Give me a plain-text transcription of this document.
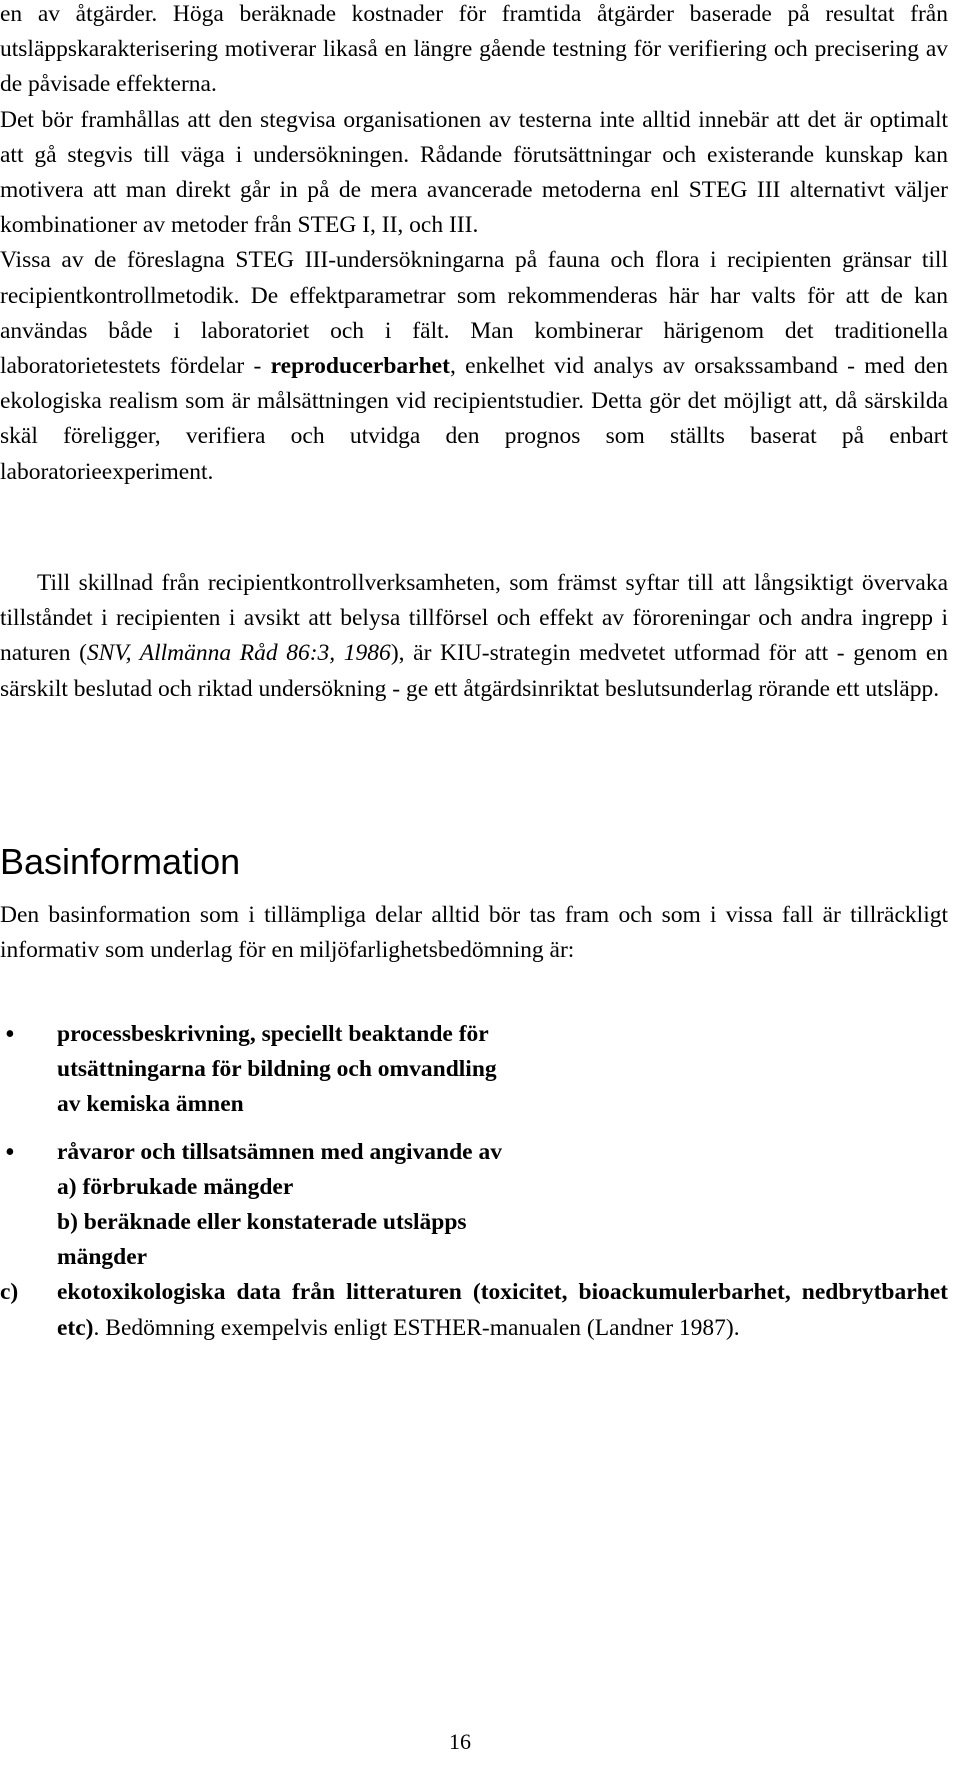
en av åtgärder. Höga beräknade kostnader för framtida åtgärder baserade på resultat från utsläppskarakterisering motiverar likaså en längre gående testning för verifiering och precisering av de påvisade effekterna.
Det bör framhållas att den stegvisa organisationen av testerna inte alltid innebär att det är optimalt att gå stegvis till väga i undersökningen. Rådande förutsättningar och existerande kunskap kan motivera att man direkt går in på de mera avancerade metoderna enl STEG III alternativt väljer kombinationer av metoder från STEG I, II, och III.
Vissa av de föreslagna STEG III-undersökningarna på fauna och flora i recipienten gränsar till recipientkontrollmetodik. De effektparametrar som rekommenderas här har valts för att de kan användas både i laboratoriet och i fält. Man kombinerar härigenom det traditionella laboratorietestets fördelar - reproducerbarhet, enkelhet vid analys av orsakssamband - med den ekologiska realism som är målsättningen vid recipientstudier. Detta gör det möjligt att, då särskilda skäl föreligger, verifiera och utvidga den prognos som ställts baserat på enbart laboratorieexperiment.
Till skillnad från recipientkontrollverksamheten, som främst syftar till att långsiktigt övervaka tillståndet i recipienten i avsikt att belysa tillförsel och effekt av föroreningar och andra ingrepp i naturen (SNV, Allmänna Råd 86:3, 1986), är KIU-strategin medvetet utformad för att - genom en särskilt beslutad och riktad undersökning - ge ett åtgärdsinriktat beslutsunderlag rörande ett utsläpp.
Basinformation
Den basinformation som i tillämpliga delar alltid bör tas fram och som i vissa fall är tillräckligt informativ som underlag för en miljöfarlighetsbedömning är:
• processbeskrivning, speciellt beaktande för
utsättningarna för bildning och omvandling
av kemiska ämnen
• råvaror och tillsatsämnen med angivande av
a) förbrukade mängder
b) beräknade eller konstaterade utsläpps
mängder
c) ekotoxikologiska data från litteraturen (toxicitet, bioackumulerbarhet, nedbrytbarhet etc). Bedömning exempelvis enligt ESTHER-manualen (Landner 1987).
16
